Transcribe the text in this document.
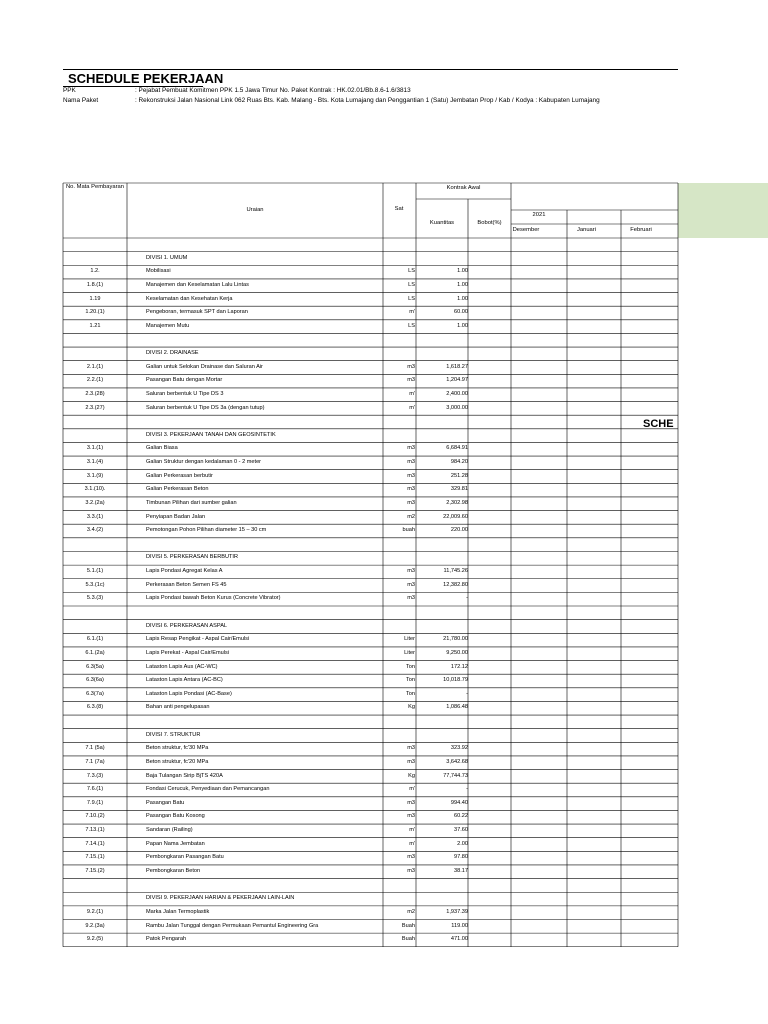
SCHEDULE PEKERJAAN
PPK	: Pejabat Pembuat Komitmen PPK 1.5 Jawa Timur No. Paket Kontrak : HK.02.01/Bb.8.6-1.6/3813
Nama Paket	: Rekonstruksi Jalan Nasional Link 062 Ruas Bts. Kab. Malang - Bts. Kota Lumajang dan Penggantian 1 (Satu) Jembatan Prop / Kab / Kodya : Kabupaten Lumajang
No. Mata Pembayaran
Uraian	Sat
Kontrak Awal
Kuantitas	Bobot(%)
2021
Desember	Januari	Februari
SCHE
DIVISI 1. UMUM
1.2.	Mobilisasi	LS	1.00
1.8.(1)	Manajemen dan Keselamatan Lalu Lintas	LS	1.00
1.19	Keselamatan dan Kesehatan Kerja	LS	1.00
1.20.(1)	Pengeboran, termasuk SPT dan Laporan	m'	60.00
1.21	Manajemen Mutu	LS	1.00
DIVISI 2. DRAINASE
2.1.(1)	Galian untuk Selokan Drainase dan Saluran Air	m3	1,618.27
2.2.(1)	Pasangan Batu dengan Mortar	m3	1,204.97
2.3.(28)	Saluran berbentuk U Tipe DS 3	m'	2,400.00
2.3.(27)	Saluran berbentuk U Tipe DS 3a (dengan tutup)	m'	3,000.00
DIVISI 3. PEKERJAAN TANAH DAN GEOSINTETIK
3.1.(1)	Galian Biasa	m3	6,684.91
3.1.(4)	Galian Struktur dengan kedalaman 0 - 2 meter	m3	984.20
3.1.(9)	Galian Perkerasan berbutir	m3	251.28
3.1.(10).	Galian Perkerasan Beton	m3	329.81
3.2.(2a)	Timbunan Pilihan dari sumber galian	m3	2,302.98
3.3.(1)	Penyiapan Badan Jalan	m2	22,009.60
3.4.(2)	Pemotongan Pohon Pilihan diameter 15 – 30 cm	buah	220.00
DIVISI 5. PERKERASAN BERBUTIR
5.1.(1)	Lapis Pondasi Agregat Kelas A	m3	11,745.26
5.3.(1c)	Perkerasan Beton Semen FS 45	m3	12,382.80
5.3.(3)	Lapis Pondasi bawah Beton Kurus (Concrete Vibrator)	m3	-
DIVISI 6. PERKERASAN ASPAL
6.1.(1)	Lapis Resap Pengikat - Aspal Cair/Emulsi	Liter	21,780.00
6.1.(2a)	Lapis Perekat - Aspal Cair/Emulsi	Liter	9,250.00
6.3(5a)	Lataston Lapis Aus (AC-WC)	Ton	172.12
6.3(6a)	Lataston Lapis Antara (AC-BC)	Ton	10,018.79
6.3(7a)	Lataston Lapis Pondasi (AC-Base)	Ton	-
6.3.(8)	Bahan anti pengelupasan	Kg	1,086.48
DIVISI 7. STRUKTUR
7.1 (5a)	Beton struktur, fc'30 MPa	m3	323.92
7.1 (7a)	Beton struktur, fc'20 MPa	m3	3,642.68
7.3.(3)	Baja Tulangan Sirip BjTS 420A	Kg	77,744.73
7.6.(1)	Fondasi Cerucuk, Penyediaan dan Pemancangan	m'	-
7.9.(1)	Pasangan Batu	m3	994.40
7.10.(2)	Pasangan Batu Kosong	m3	60.22
7.13.(1)	Sandaran (Railing)	m'	37.60
7.14.(1)	Papan Nama Jembatan	m'	2.00
7.15.(1)	Pembongkaran Pasangan Batu	m3	97.80
7.15.(2)	Pembongkaran Beton	m3	38.17
DIVISI 9. PEKERJAAN HARIAN & PEKERJAAN LAIN-LAIN
9.2.(1)	Marka Jalan Termoplastik	m2	1,937.39
9.2.(3a)	Rambu Jalan Tunggal dengan Permukaan Pemantul Engineering Gra	Buah	119.00
9.2.(5)	Patok Pengarah	Buah	471.00
